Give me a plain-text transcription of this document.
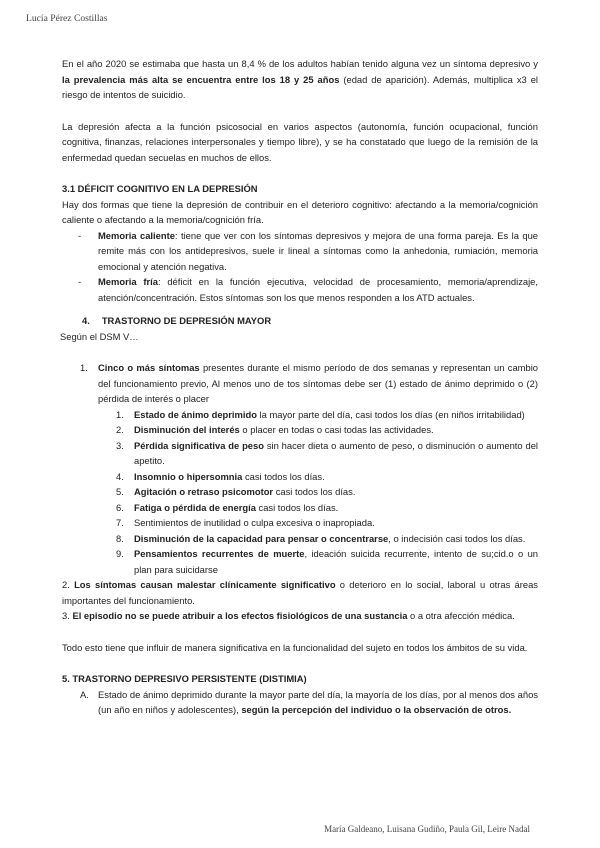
Lucía Pérez Costillas

En el año 2020 se estimaba que hasta un 8,4 % de los adultos habían tenido alguna vez un síntoma depresivo y la prevalencia más alta se encuentra entre los 18 y 25 años (edad de aparición). Además, multiplica x3 el riesgo de intentos de suicidio.

La depresión afecta a la función psicosocial en varios aspectos (autonomía, función ocupacional, función cognitiva, finanzas, relaciones interpersonales y tiempo libre), y se ha constatado que luego de la remisión de la enfermedad quedan secuelas en muchos de ellos.

3.1 DÉFICIT COGNITIVO EN LA DEPRESIÓN

Hay dos formas que tiene la depresión de contribuir en el deterioro cognitivo: afectando a la memoria/cognición caliente o afectando a la memoria/cognición fría.

- Memoria caliente: tiene que ver con los síntomas depresivos y mejora de una forma pareja. Es la que remite más con los antidepresivos, suele ir lineal a síntomas como la anhedonia, rumiación, memoria emocional y atención negativa.
- Memoria fría: déficit en la función ejecutiva, velocidad de procesamiento, memoria/aprendizaje, atención/concentración. Estos síntomas son los que menos responden a los ATD actuales.

4. TRASTORNO DE DEPRESIÓN MAYOR

Según el DSM V…

1. Cinco o más síntomas presentes durante el mismo período de dos semanas y representan un cambio del funcionamiento previo, Al menos uno de tos síntomas debe ser (1) estado de ánimo deprimido o (2) pérdida de interés o placer
1. Estado de ánimo deprimido la mayor parte del día, casi todos los días (en niños irritabilidad)
2. Disminución del interés o placer en todas o casi todas las actividades.
3. Pérdida significativa de peso sin hacer dieta o aumento de peso, o disminución o aumento del apetito.
4. Insomnio o hipersomnia casi todos los días.
5. Agitación o retraso psicomotor casi todos los días.
6. Fatiga o pérdida de energía casi todos los días.
7. Sentimientos de inutilidad o culpa excesiva o inapropiada.
8. Disminución de la capacidad para pensar o concentrarse, o indecisión casi todos los días.
9. Pensamientos recurrentes de muerte, ideación suicida recurrente, intento de su;cid.o o un plan para suicidarse

2. Los síntomas causan malestar clínicamente significativo o deterioro en lo social, laboral u otras áreas importantes del funcionamiento.

3. El episodio no se puede atribuir a los efectos fisiológicos de una sustancia o a otra afección médica.

Todo esto tiene que influir de manera significativa en la funcionalidad del sujeto en todos los ámbitos de su vida.

5. TRASTORNO DEPRESIVO PERSISTENTE (DISTIMIA)

A. Estado de ánimo deprimido durante la mayor parte del día, la mayoría de los días, por al menos dos años (un año en niños y adolescentes), según la percepción del individuo o la observación de otros.
María Galdeano, Luisana Gudiño, Paula Gil, Leire Nadal
